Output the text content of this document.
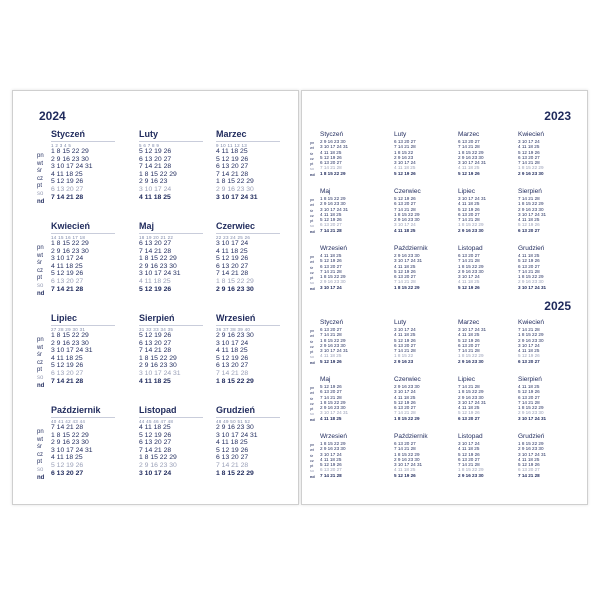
2024
pn
wt
śr
cz
pt
so
nd
Styczeń
1 2 3 4 5
1 8 15 22 29
2 9 16 23 30
3 10 17 24 31
4 11 18 25
5 12 19 26
6 13 20 27
7 14 21 28
Luty
5 6 7 8 9
5 12 19 26
6 13 20 27
7 14 21 28
1 8 15 22 29
2 9 16 23
3 10 17 24
4 11 18 25
Marzec
9 10 11 12 13
4 11 18 25
5 12 19 26
6 13 20 27
7 14 21 28
1 8 15 22 29
2 9 16 23 30
3 10 17 24 31
pn
wt
śr
cz
pt
so
nd
Kwiecień
14 15 16 17 18
1 8 15 22 29
2 9 16 23 30
3 10 17 24
4 11 18 25
5 12 19 26
6 13 20 27
7 14 21 28
Maj
18 19 20 21 22
6 13 20 27
7 14 21 28
1 8 15 22 29
2 9 16 23 30
3 10 17 24 31
4 11 18 25
5 12 19 26
Czerwiec
22 23 24 25 26
3 10 17 24
4 11 18 25
5 12 19 26
6 13 20 27
7 14 21 28
1 8 15 22 29
2 9 16 23 30
pn
wt
śr
cz
pt
so
nd
Lipiec
27 28 29 30 31
1 8 15 22 29
2 9 16 23 30
3 10 17 24 31
4 11 18 25
5 12 19 26
6 13 20 27
7 14 21 28
Sierpień
31 32 33 34 35
5 12 19 26
6 13 20 27
7 14 21 28
1 8 15 22 29
2 9 16 23 30
3 10 17 24 31
4 11 18 25
Wrzesień
36 37 38 39 40
2 9 16 23 30
3 10 17 24
4 11 18 25
5 12 19 26
6 13 20 27
7 14 21 28
1 8 15 22 29
pn
wt
śr
cz
pt
so
nd
Październik
40 41 42 43 44
7 14 21 28
1 8 15 22 29
2 9 16 23 30
3 10 17 24 31
4 11 18 25
5 12 19 26
6 13 20 27
Listopad
44 45 46 47 48
4 11 18 25
5 12 19 26
6 13 20 27
7 14 21 28
1 8 15 22 29
2 9 16 23 30
3 10 17 24
Grudzień
48 49 50 51 52
2 9 16 23 30
3 10 17 24 31
4 11 18 25
5 12 19 26
6 13 20 27
7 14 21 28
1 8 15 22 29
2023
2025
pn
wt
śr
cz
pt
so
nd
Styczeń
2 9 16 23 30
3 10 17 24 31
4 11 18 25
5 12 19 26
6 13 20 27
7 14 21 28
1 8 15 22 29
Luty
6 13 20 27
7 14 21 28
1 8 15 22
2 9 16 23
3 10 17 24
4 11 18 25
5 12 19 26
Marzec
6 13 20 27
7 14 21 28
1 8 15 22 29
2 9 16 23 30
3 10 17 24 31
4 11 18 25
5 12 19 26
Kwiecień
3 10 17 24
4 11 18 25
5 12 19 26
6 13 20 27
7 14 21 28
1 8 15 22 29
2 9 16 23 30
pn
wt
śr
cz
pt
so
nd
Maj
1 8 15 22 29
2 9 16 23 30
3 10 17 24 31
4 11 18 25
5 12 19 26
6 13 20 27
7 14 21 28
Czerwiec
5 12 19 26
6 13 20 27
7 14 21 28
1 8 15 22 29
2 9 16 23 30
3 10 17 24
4 11 18 25
Lipiec
3 10 17 24 31
4 11 18 25
5 12 19 26
6 13 20 27
7 14 21 28
1 8 15 22 29
2 9 16 23 30
Sierpień
7 14 21 28
1 8 15 22 29
2 9 16 23 30
3 10 17 24 31
4 11 18 25
5 12 19 26
6 13 20 27
pn
wt
śr
cz
pt
so
nd
Wrzesień
4 11 18 25
5 12 19 26
6 13 20 27
7 14 21 28
1 8 15 22 29
2 9 16 23 30
3 10 17 24
Październik
2 9 16 23 30
3 10 17 24 31
4 11 18 25
5 12 19 26
6 13 20 27
7 14 21 28
1 8 15 22 29
Listopad
6 13 20 27
7 14 21 28
1 8 15 22 29
2 9 16 23 30
3 10 17 24
4 11 18 25
5 12 19 26
Grudzień
4 11 18 25
5 12 19 26
6 13 20 27
7 14 21 28
1 8 15 22 29
2 9 16 23 30
3 10 17 24 31
pn
wt
śr
cz
pt
so
nd
Styczeń
6 13 20 27
7 14 21 28
1 8 15 22 29
2 9 16 23 30
3 10 17 24 31
4 11 18 25
5 12 19 26
Luty
3 10 17 24
4 11 18 25
5 12 19 26
6 13 20 27
7 14 21 28
1 8 15 22
2 9 16 23
Marzec
3 10 17 24 31
4 11 18 25
5 12 19 26
6 13 20 27
7 14 21 28
1 8 15 22 29
2 9 16 23 30
Kwiecień
7 14 21 28
1 8 15 22 29
2 9 16 23 30
3 10 17 24
4 11 18 25
5 12 19 26
6 13 20 27
pn
wt
śr
cz
pt
so
nd
Maj
5 12 19 26
6 13 20 27
7 14 21 28
1 8 15 22 29
2 9 16 23 30
3 10 17 24 31
4 11 18 25
Czerwiec
2 9 16 23 30
3 10 17 24
4 11 18 25
5 12 19 26
6 13 20 27
7 14 21 28
1 8 15 22 29
Lipiec
7 14 21 28
1 8 15 22 29
2 9 16 23 30
3 10 17 24 31
4 11 18 25
5 12 19 26
6 13 20 27
Sierpień
4 11 18 25
5 12 19 26
6 13 20 27
7 14 21 28
1 8 15 22 29
2 9 16 23 30
3 10 17 24 31
pn
wt
śr
cz
pt
so
nd
Wrzesień
1 8 15 22 29
2 9 16 23 30
3 10 17 24
4 11 18 25
5 12 19 26
6 13 20 27
7 14 21 28
Październik
6 13 20 27
7 14 21 28
1 8 15 22 29
2 9 16 23 30
3 10 17 24 31
4 11 18 25
5 12 19 26
Listopad
3 10 17 24
4 11 18 25
5 12 19 26
6 13 20 27
7 14 21 28
1 8 15 22 29
2 9 16 23 30
Grudzień
1 8 15 22 29
2 9 16 23 30
3 10 17 24 31
4 11 18 25
5 12 19 26
6 13 20 27
7 14 21 28
